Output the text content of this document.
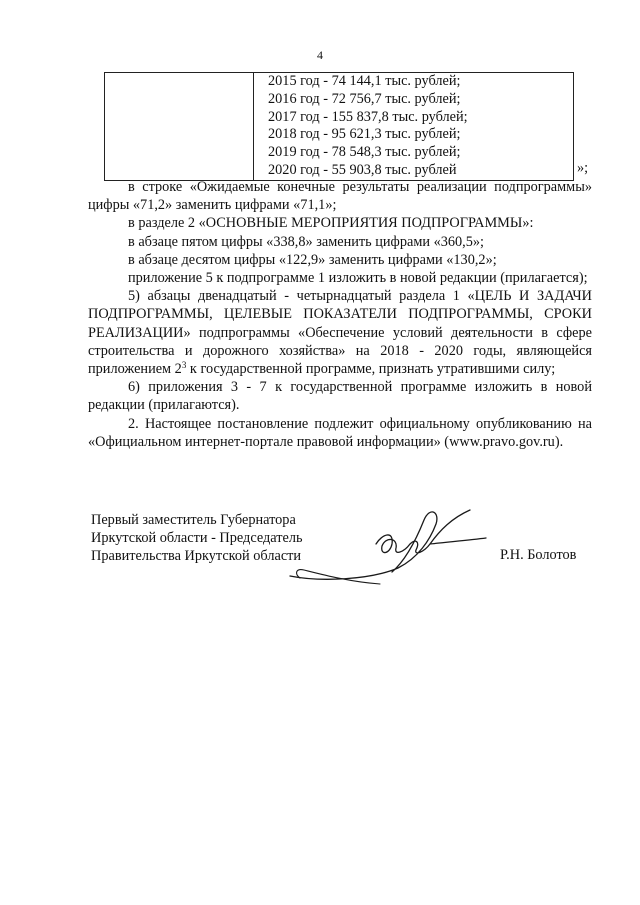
4

2015 год - 74 144,1 тыс. рублей;
2016 год - 72 756,7 тыс. рублей;
2017 год - 155 837,8 тыс. рублей;
2018 год - 95 621,3 тыс. рублей;
2019 год - 78 548,3 тыс. рублей;
2020 год - 55 903,8 тыс. рублей	»;

в строке «Ожидаемые конечные результаты реализации подпрограммы» цифры «71,2» заменить цифрами «71,1»;

в разделе 2 «ОСНОВНЫЕ МЕРОПРИЯТИЯ ПОДПРОГРАММЫ»:

в абзаце пятом цифры «338,8» заменить цифрами «360,5»;

в абзаце десятом цифры «122,9» заменить цифрами «130,2»;

приложение 5 к подпрограмме 1 изложить в новой редакции (прилагается);

5) абзацы двенадцатый - четырнадцатый раздела 1 «ЦЕЛЬ И ЗАДАЧИ ПОДПРОГРАММЫ, ЦЕЛЕВЫЕ ПОКАЗАТЕЛИ ПОДПРОГРАММЫ, СРОКИ РЕАЛИЗАЦИИ» подпрограммы «Обеспечение условий деятельности в сфере строительства и дорожного хозяйства» на 2018 - 2020 годы, являющейся приложением $2^3$ к государственной программе, признать утратившими силу;

6) приложения 3 - 7 к государственной программе изложить в новой редакции (прилагаются).

2. Настоящее постановление подлежит официальному опубликованию на «Официальном интернет-портале правовой информации» (www.pravo.gov.ru).

Первый заместитель Губернатора
Иркутской области - Председатель
Правительства Иркутской области	Р.Н. Болотов
